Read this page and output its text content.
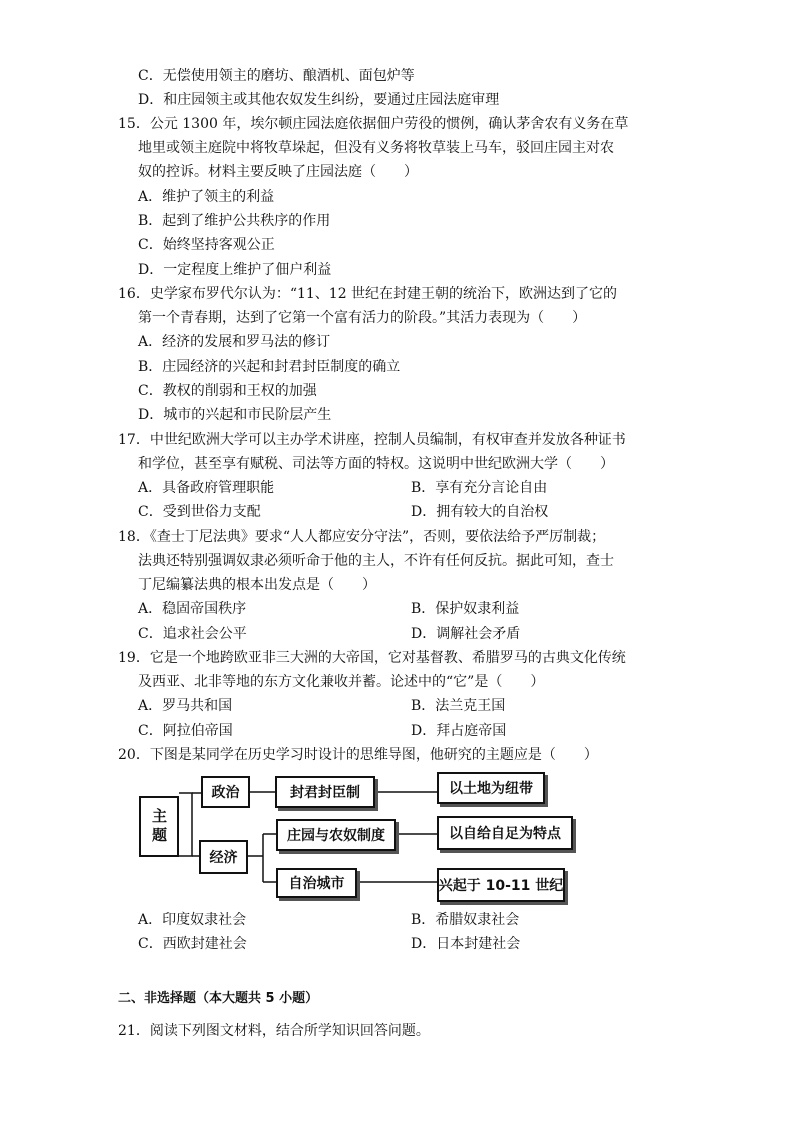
C．无偿使用领主的磨坊、酿酒机、面包炉等
D．和庄园领主或其他农奴发生纠纷，要通过庄园法庭审理
15．公元 1300 年，埃尔顿庄园法庭依据佃户劳役的惯例，确认茅舍农有义务在草
地里或领主庭院中将牧草垛起，但没有义务将牧草装上马车，驳回庄园主对农
奴的控诉。材料主要反映了庄园法庭（　　）
A．维护了领主的利益
B．起到了维护公共秩序的作用
C．始终坚持客观公正
D．一定程度上维护了佃户利益
16．史学家布罗代尔认为：“11、12 世纪在封建王朝的统治下，欧洲达到了它的
第一个青春期，达到了它第一个富有活力的阶段。”其活力表现为（　　）
A．经济的发展和罗马法的修订
B．庄园经济的兴起和封君封臣制度的确立
C．教权的削弱和王权的加强
D．城市的兴起和市民阶层产生
17．中世纪欧洲大学可以主办学术讲座，控制人员编制，有权审查并发放各种证书
和学位，甚至享有赋税、司法等方面的特权。这说明中世纪欧洲大学（　　）
A．具备政府管理职能	B．享有充分言论自由
C．受到世俗力支配	D．拥有较大的自治权
18．《查士丁尼法典》要求“人人都应安分守法”，否则，要依法给予严厉制裁；
法典还特别强调奴隶必须听命于他的主人，不许有任何反抗。据此可知，查士
丁尼编纂法典的根本出发点是（　　）
A．稳固帝国秩序	B．保护奴隶利益
C．追求社会公平	D．调解社会矛盾
19．它是一个地跨欧亚非三大洲的大帝国，它对基督教、希腊罗马的古典文化传统
及西亚、北非等地的东方文化兼收并蓄。论述中的“它”是（　　）
A．罗马共和国	B．法兰克王国
C．阿拉伯帝国	D．拜占庭帝国
20．下图是某同学在历史学习时设计的思维导图，他研究的主题应是（　　）
主题
政治
经济
封君封臣制	以土地为纽带
庄园与农奴制度	以自给自足为特点
自治城市	兴起于 10-11 世纪
A．印度奴隶社会	B．希腊奴隶社会
C．西欧封建社会	D．日本封建社会
二、非选择题（本大题共 5 小题）
21．阅读下列图文材料，结合所学知识回答问题。
